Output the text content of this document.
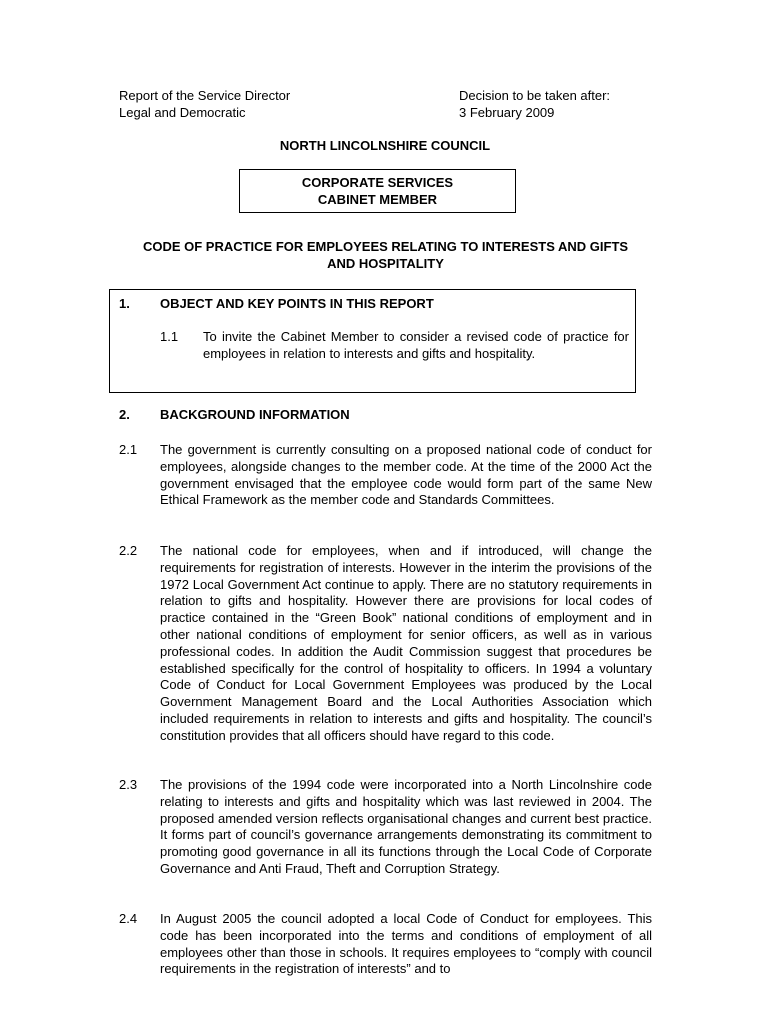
Report of the Service Director
Legal and Democratic
Decision to be taken after:
3 February 2009
NORTH LINCOLNSHIRE COUNCIL
CORPORATE SERVICES
CABINET MEMBER
CODE OF PRACTICE FOR EMPLOYEES RELATING TO INTERESTS AND GIFTS
AND HOSPITALITY
1. OBJECT AND KEY POINTS IN THIS REPORT
1.1 To invite the Cabinet Member to consider a revised code of practice for employees in relation to interests and gifts and hospitality.
2. BACKGROUND INFORMATION
2.1 The government is currently consulting on a proposed national code of conduct for employees, alongside changes to the member code. At the time of the 2000 Act the government envisaged that the employee code would form part of the same New Ethical Framework as the member code and Standards Committees.
2.2 The national code for employees, when and if introduced, will change the requirements for registration of interests. However in the interim the provisions of the 1972 Local Government Act continue to apply. There are no statutory requirements in relation to gifts and hospitality. However there are provisions for local codes of practice contained in the “Green Book” national conditions of employment and in other national conditions of employment for senior officers, as well as in various professional codes. In addition the Audit Commission suggest that procedures be established specifically for the control of hospitality to officers. In 1994 a voluntary Code of Conduct for Local Government Employees was produced by the Local Government Management Board and the Local Authorities Association which included requirements in relation to interests and gifts and hospitality. The council’s constitution provides that all officers should have regard to this code.
2.3 The provisions of the 1994 code were incorporated into a North Lincolnshire code relating to interests and gifts and hospitality which was last reviewed in 2004. The proposed amended version reflects organisational changes and current best practice. It forms part of council’s governance arrangements demonstrating its commitment to promoting good governance in all its functions through the Local Code of Corporate Governance and Anti Fraud, Theft and Corruption Strategy.
2.4 In August 2005 the council adopted a local Code of Conduct for employees. This code has been incorporated into the terms and conditions of employment of all employees other than those in schools. It requires employees to “comply with council requirements in the registration of interests” and to
